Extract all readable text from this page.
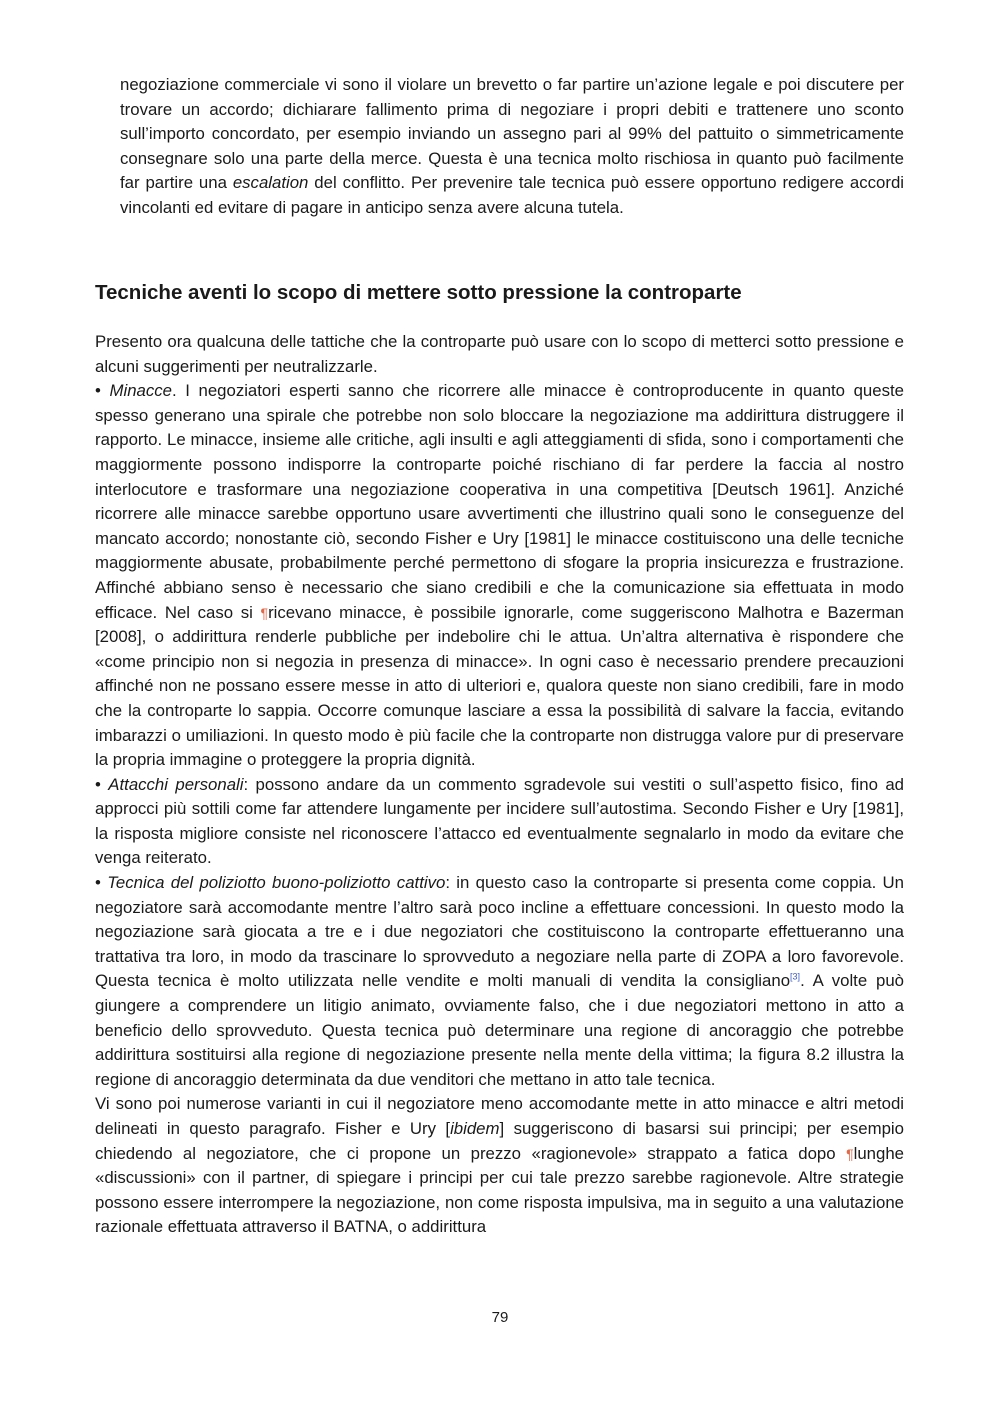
negoziazione commerciale vi sono il violare un brevetto o far partire un’azione legale e poi discutere per trovare un accordo; dichiarare fallimento prima di negoziare i propri debiti e trattenere uno sconto sull’importo concordato, per esempio inviando un assegno pari al 99% del pattuito o simmetricamente consegnare solo una parte della merce. Questa è una tecnica molto rischiosa in quanto può facilmente far partire una escalation del conflitto. Per prevenire tale tecnica può essere opportuno redigere accordi vincolanti ed evitare di pagare in anticipo senza avere alcuna tutela.

Tecniche aventi lo scopo di mettere sotto pressione la controparte

Presento ora qualcuna delle tattiche che la controparte può usare con lo scopo di metterci sotto pressione e alcuni suggerimenti per neutralizzarle.

• Minacce. I negoziatori esperti sanno che ricorrere alle minacce è controproducente in quanto queste spesso generano una spirale che potrebbe non solo bloccare la negoziazione ma addirittura distruggere il rapporto. Le minacce, insieme alle critiche, agli insulti e agli atteggiamenti di sfida, sono i comportamenti che maggiormente possono indisporre la controparte poiché rischiano di far perdere la faccia al nostro interlocutore e trasformare una negoziazione cooperativa in una competitiva [Deutsch 1961]. Anziché ricorrere alle minacce sarebbe opportuno usare avvertimenti che illustrino quali sono le conseguenze del mancato accordo; nonostante ciò, secondo Fisher e Ury [1981] le minacce costituiscono una delle tecniche maggiormente abusate, probabilmente perché permettono di sfogare la propria insicurezza e frustrazione. Affinché abbiano senso è necessario che siano credibili e che la comunicazione sia effettuata in modo efficace. Nel caso si ¶ricevano minacce, è possibile ignorarle, come suggeriscono Malhotra e Bazerman [2008], o addirittura renderle pubbliche per indebolire chi le attua. Un’altra alternativa è rispondere che «come principio non si negozia in presenza di minacce». In ogni caso è necessario prendere precauzioni affinché non ne possano essere messe in atto di ulteriori e, qualora queste non siano credibili, fare in modo che la controparte lo sappia. Occorre comunque lasciare a essa la possibilità di salvare la faccia, evitando imbarazzi o umiliazioni. In questo modo è più facile che la controparte non distrugga valore pur di preservare la propria immagine o proteggere la propria dignità.

• Attacchi personali: possono andare da un commento sgradevole sui vestiti o sull’aspetto fisico, fino ad approcci più sottili come far attendere lungamente per incidere sull’autostima. Secondo Fisher e Ury [1981], la risposta migliore consiste nel riconoscere l’attacco ed eventualmente segnalarlo in modo da evitare che venga reiterato.

• Tecnica del poliziotto buono-poliziotto cattivo: in questo caso la controparte si presenta come coppia. Un negoziatore sarà accomodante mentre l’altro sarà poco incline a effettuare concessioni. In questo modo la negoziazione sarà giocata a tre e i due negoziatori che costituiscono la controparte effettueranno una trattativa tra loro, in modo da trascinare lo sprovveduto a negoziare nella parte di ZOPA a loro favorevole. Questa tecnica è molto utilizzata nelle vendite e molti manuali di vendita la consigliano[3]. A volte può giungere a comprendere un litigio animato, ovviamente falso, che i due negoziatori mettono in atto a beneficio dello sprovveduto. Questa tecnica può determinare una regione di ancoraggio che potrebbe addirittura sostituirsi alla regione di negoziazione presente nella mente della vittima; la figura 8.2 illustra la regione di ancoraggio determinata da due venditori che mettano in atto tale tecnica.

Vi sono poi numerose varianti in cui il negoziatore meno accomodante mette in atto minacce e altri metodi delineati in questo paragrafo. Fisher e Ury [ibidem] suggeriscono di basarsi sui principi; per esempio chiedendo al negoziatore, che ci propone un prezzo «ragionevole» strappato a fatica dopo ¶lunghe «discussioni» con il partner, di spiegare i principi per cui tale prezzo sarebbe ragionevole. Altre strategie possono essere interrompere la negoziazione, non come risposta impulsiva, ma in seguito a una valutazione razionale effettuata attraverso il BATNA, o addirittura

79
